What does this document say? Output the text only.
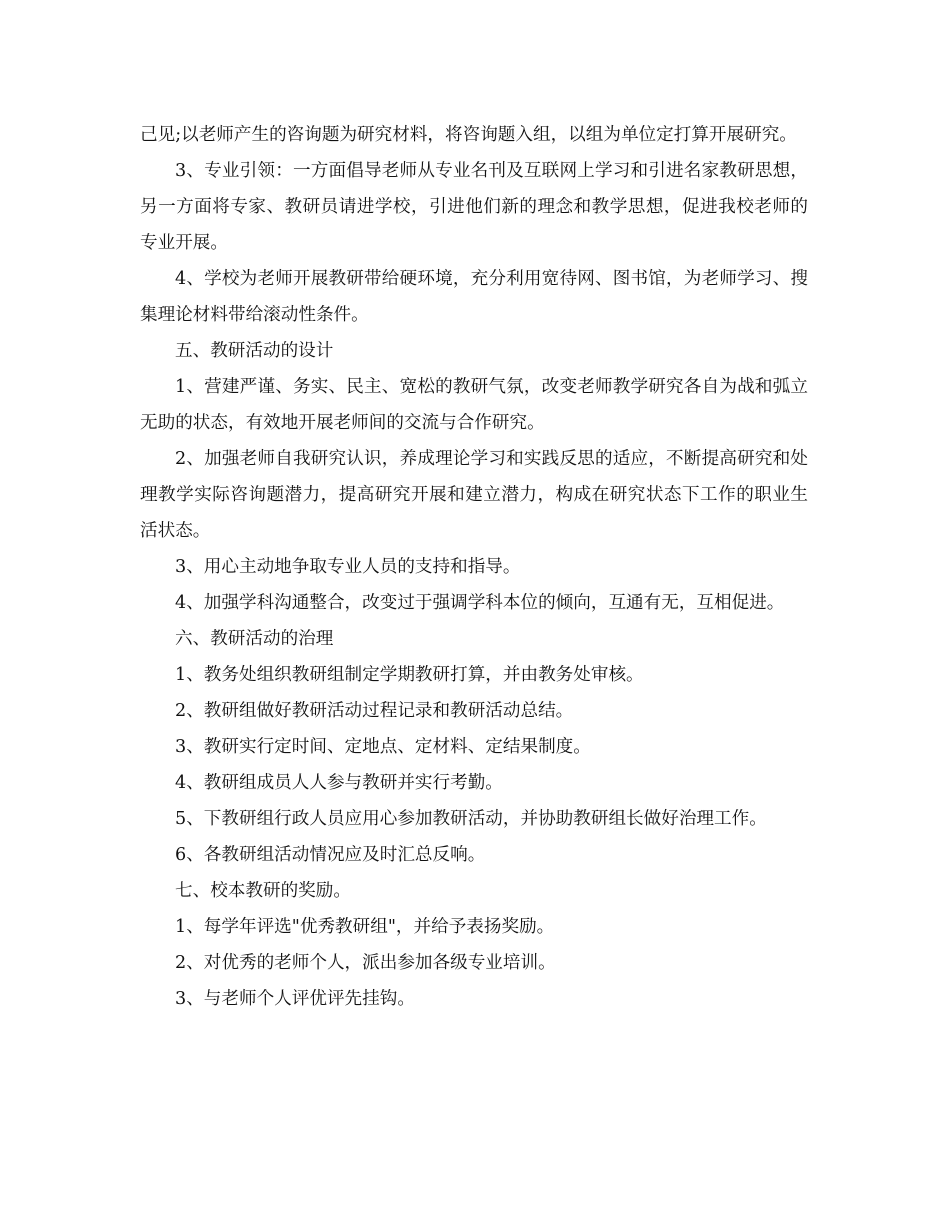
己见;以老师产生的咨询题为研究材料，将咨询题入组，以组为单位定打算开展研究。

3、专业引领：一方面倡导老师从专业名刊及互联网上学习和引进名家教研思想，另一方面将专家、教研员请进学校，引进他们新的理念和教学思想，促进我校老师的专业开展。

4、学校为老师开展教研带给硬环境，充分利用宽待网、图书馆，为老师学习、搜集理论材料带给滚动性条件。

五、教研活动的设计

1、营建严谨、务实、民主、宽松的教研气氛，改变老师教学研究各自为战和弧立无助的状态，有效地开展老师间的交流与合作研究。

2、加强老师自我研究认识，养成理论学习和实践反思的适应，不断提高研究和处理教学实际咨询题潜力，提高研究开展和建立潜力，构成在研究状态下工作的职业生活状态。

3、用心主动地争取专业人员的支持和指导。

4、加强学科沟通整合，改变过于强调学科本位的倾向，互通有无，互相促进。

六、教研活动的治理

1、教务处组织教研组制定学期教研打算，并由教务处审核。

2、教研组做好教研活动过程记录和教研活动总结。

3、教研实行定时间、定地点、定材料、定结果制度。

4、教研组成员人人参与教研并实行考勤。

5、下教研组行政人员应用心参加教研活动，并协助教研组长做好治理工作。

6、各教研组活动情况应及时汇总反响。

七、校本教研的奖励。

1、每学年评选"优秀教研组"，并给予表扬奖励。

2、对优秀的老师个人，派出参加各级专业培训。

3、与老师个人评优评先挂钩。
